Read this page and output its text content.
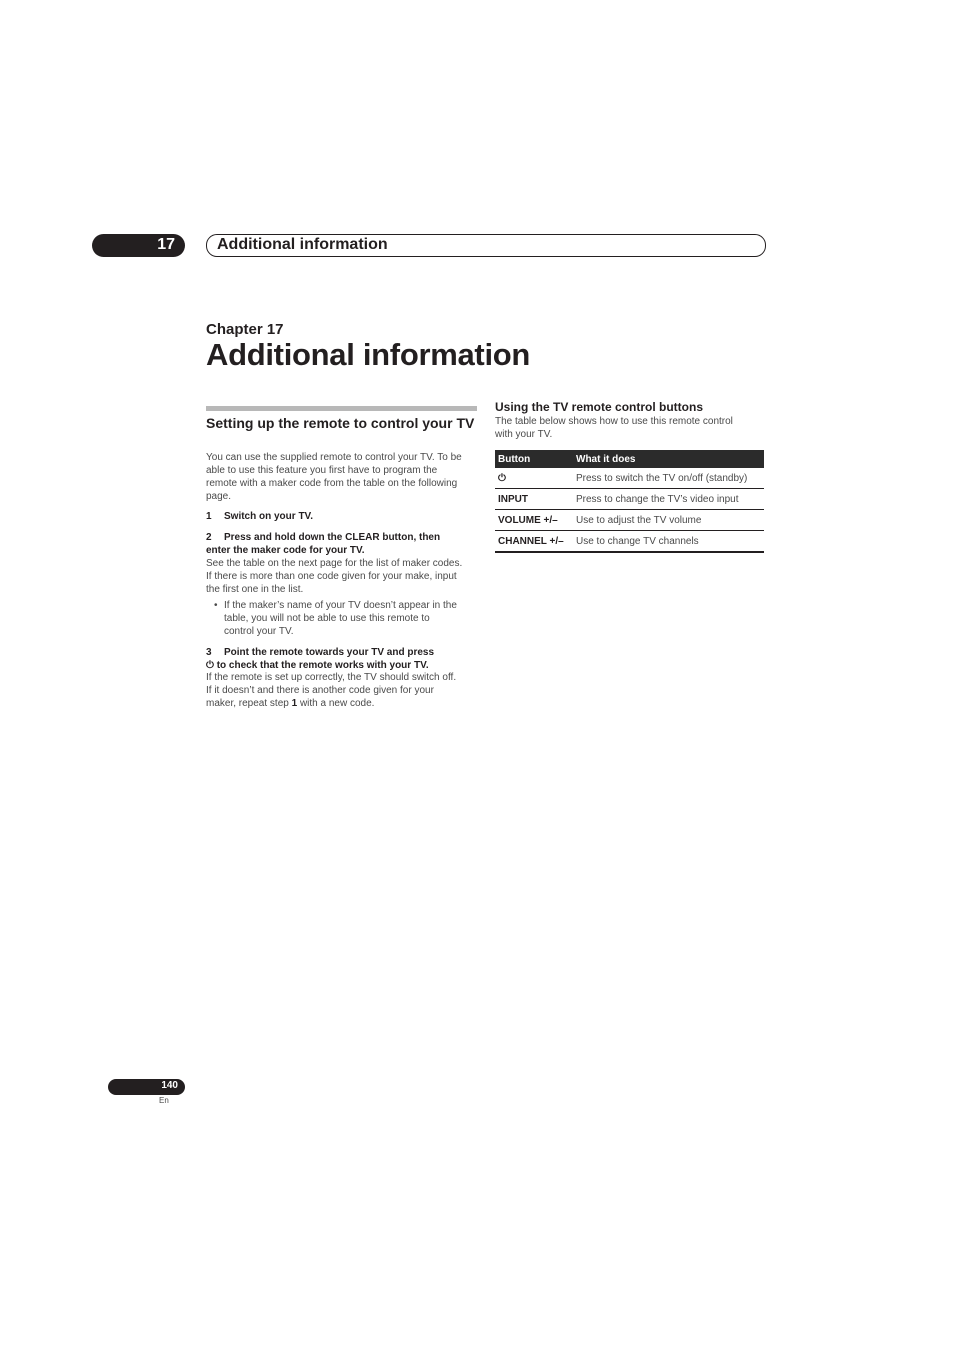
17	Additional information
Chapter 17
Additional information
Setting up the remote to control your TV
You can use the supplied remote to control your TV. To be
able to use this feature you first have to program the
remote with a maker code from the table on the following
page.
1 Switch on your TV.
2 Press and hold down the CLEAR button, then
enter the maker code for your TV.
See the table on the next page for the list of maker codes.
If there is more than one code given for your make, input
the first one in the list.
• If the maker’s name of your TV doesn’t appear in the
table, you will not be able to use this remote to
control your TV.
3 Point the remote towards your TV and press
⏻ to check that the remote works with your TV.
If the remote is set up correctly, the TV should switch off.
If it doesn’t and there is another code given for your
maker, repeat step 1 with a new code.
Using the TV remote control buttons
The table below shows how to use this remote control
with your TV.
Button	What it does
⏻	Press to switch the TV on/off (standby)
INPUT	Press to change the TV’s video input
VOLUME +/–	Use to adjust the TV volume
CHANNEL +/–	Use to change TV channels
140
En
